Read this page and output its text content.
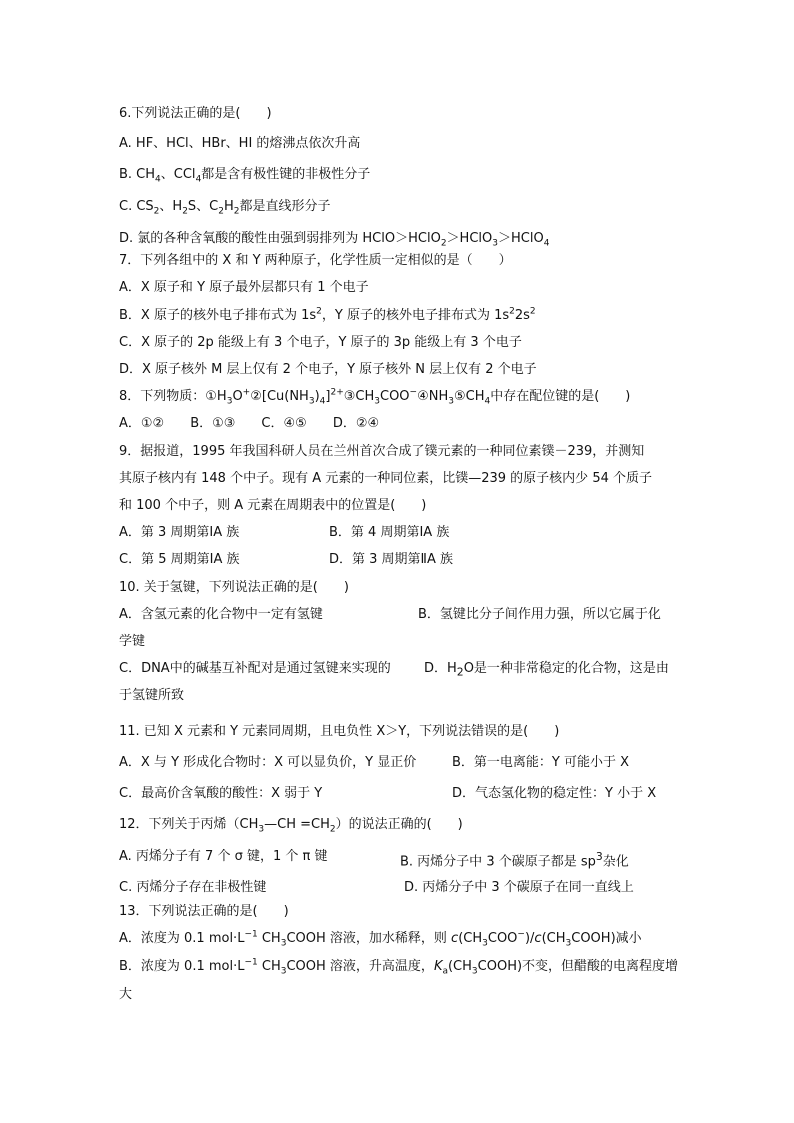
6.下列说法正确的是(　　)
A. HF、HCl、HBr、HI 的熔沸点依次升高
B. $CH_4$、CCl$_4$都是含有极性键的非极性分子
C. $CS_2$、$H_2S$、$C_2H_2$都是直线形分子
D. 氯的各种含氧酸的酸性由强到弱排列为 HClO＞HClO$_2$＞HClO$_3$＞HClO$_4$
7．下列各组中的 X 和 Y 两种原子，化学性质一定相似的是（　　）
A．X 原子和 Y 原子最外层都只有 1 个电子
B．X 原子的核外电子排布式为 $1s^2$，Y 原子的核外电子排布式为 $1s^22s^2$
C．X 原子的 2p 能级上有 3 个电子，Y 原子的 3p 能级上有 3 个电子
D．X 原子核外 M 层上仅有 2 个电子，Y 原子核外 N 层上仅有 2 个电子
8．下列物质：$①H_3O^+②[Cu(NH_3)_4]^{2+}③CH_3COO^-④NH_3⑤CH_4$中存在配位键的是(　　)
A．①②　　B．①③　　C．④⑤　　D．②④
9．据报道，1995 年我国科研人员在兰州首次合成了镤元素的一种同位素镤－239，并测知
其原子核内有 148 个中子。现有 A 元素的一种同位素，比镤—239 的原子核内少 54 个质子
和 100 个中子，则 A 元素在周期表中的位置是(　　)
A．第 3 周期第ⅠA 族	B．第 4 周期第ⅠA 族
C．第 5 周期第ⅠA 族	D．第 3 周期第ⅡA 族
10. 关于氢键，下列说法正确的是(　　)
A．含氢元素的化合物中一定有氢键	B．氢键比分子间作用力强，所以它属于化
学键
C．DNA中的碱基互补配对是通过氢键来实现的	D．$H_2O$是一种非常稳定的化合物，这是由
于氢键所致
11. 已知 X 元素和 Y 元素同周期，且电负性 X＞Y，下列说法错误的是(　　)
A．X 与 Y 形成化合物时：X 可以显负价，Y 显正价	B．第一电离能：Y 可能小于 X
C．最高价含氧酸的酸性：X 弱于 Y	D．气态氢化物的稳定性：Y 小于 X
12．下列关于丙烯$(CH_3—CH =CH_2)$的说法正确的(　　)
A. 丙烯分子有 7 个 σ 键，1 个 π 键	B. 丙烯分子中 3 个碳原子都是 $sp^3$杂化
C. 丙烯分子存在非极性键	D. 丙烯分子中 3 个碳原子在同一直线上
13．下列说法正确的是(　　)
A．浓度为 0.1 $mol\cdot L^{-1}$ $CH_3COOH$ 溶液，加水稀释，则 $c(CH_3COO^-)/c(CH_3COOH)$减小
B．浓度为 0.1 $mol\cdot L^{-1}$ $CH_3COOH$ 溶液，升高温度，$K_a(CH_3COOH)$不变，但醋酸的电离程度增
大
